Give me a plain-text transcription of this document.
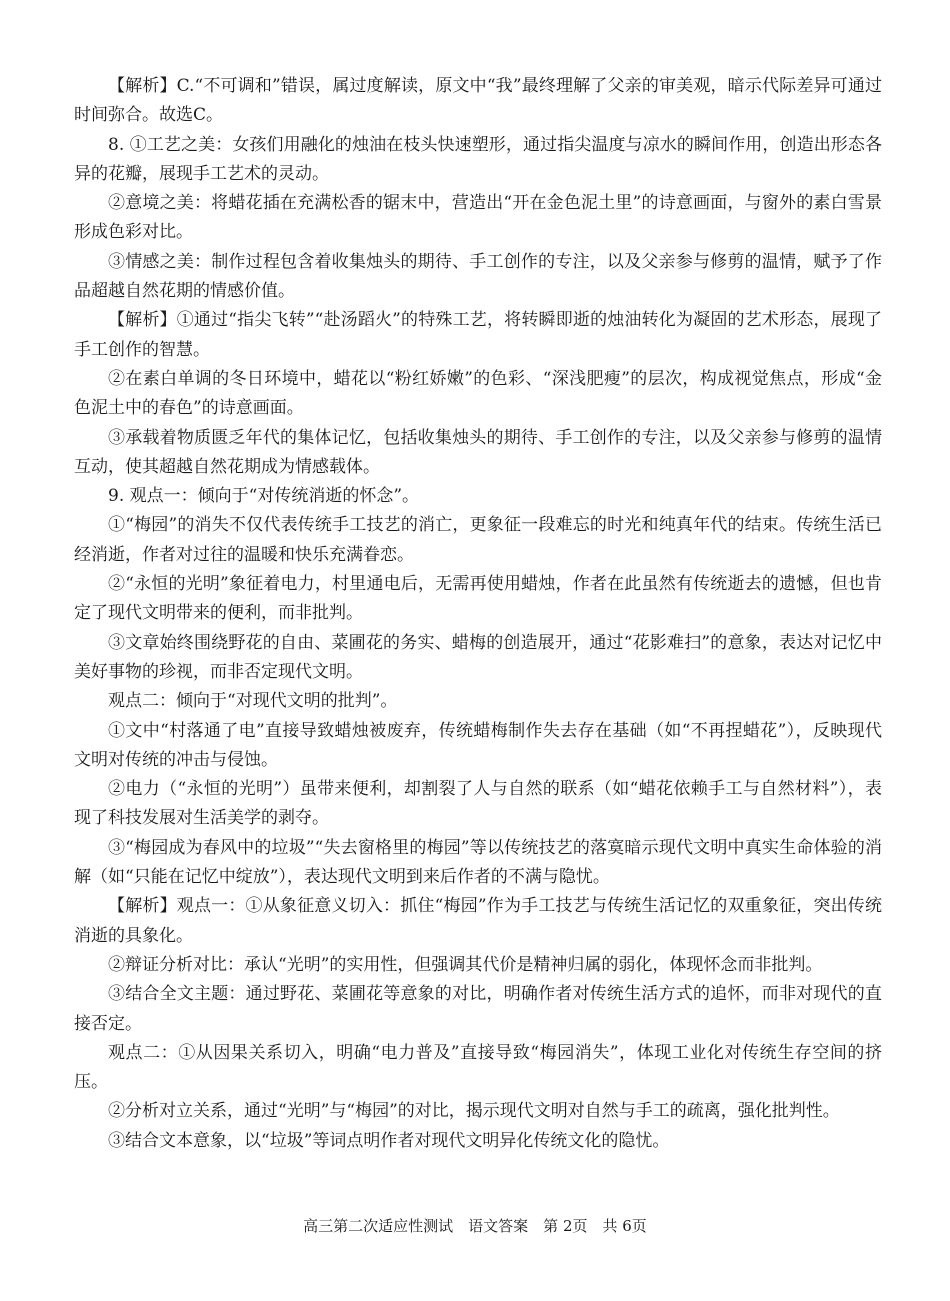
【解析】C.“不可调和”错误，属过度解读，原文中“我”最终理解了父亲的审美观，暗示代际差异可通过时间弥合。故选C。

8. ①工艺之美：女孩们用融化的烛油在枝头快速塑形，通过指尖温度与凉水的瞬间作用，创造出形态各异的花瓣，展现手工艺术的灵动。

②意境之美：将蜡花插在充满松香的锯末中，营造出“开在金色泥土里”的诗意画面，与窗外的素白雪景形成色彩对比。

③情感之美：制作过程包含着收集烛头的期待、手工创作的专注，以及父亲参与修剪的温情，赋予了作品超越自然花期的情感价值。

【解析】①通过“指尖飞转”“赴汤蹈火”的特殊工艺，将转瞬即逝的烛油转化为凝固的艺术形态，展现了手工创作的智慧。

②在素白单调的冬日环境中，蜡花以“粉红娇嫩”的色彩、“深浅肥瘦”的层次，构成视觉焦点，形成“金色泥土中的春色”的诗意画面。

③承载着物质匮乏年代的集体记忆，包括收集烛头的期待、手工创作的专注，以及父亲参与修剪的温情互动，使其超越自然花期成为情感载体。

9. 观点一：倾向于“对传统消逝的怀念”。

①“梅园”的消失不仅代表传统手工技艺的消亡，更象征一段难忘的时光和纯真年代的结束。传统生活已经消逝，作者对过往的温暖和快乐充满眷恋。

②“永恒的光明”象征着电力，村里通电后，无需再使用蜡烛，作者在此虽然有传统逝去的遗憾，但也肯定了现代文明带来的便利，而非批判。

③文章始终围绕野花的自由、菜圃花的务实、蜡梅的创造展开，通过“花影难扫”的意象，表达对记忆中美好事物的珍视，而非否定现代文明。

观点二：倾向于“对现代文明的批判”。

①文中“村落通了电”直接导致蜡烛被废弃，传统蜡梅制作失去存在基础（如“不再捏蜡花”），反映现代文明对传统的冲击与侵蚀。

②电力（“永恒的光明”）虽带来便利，却割裂了人与自然的联系（如“蜡花依赖手工与自然材料”），表现了科技发展对生活美学的剥夺。

③“梅园成为春风中的垃圾”“失去窗格里的梅园”等以传统技艺的落寞暗示现代文明中真实生命体验的消解（如“只能在记忆中绽放”），表达现代文明到来后作者的不满与隐忧。

【解析】观点一：①从象征意义切入：抓住“梅园”作为手工技艺与传统生活记忆的双重象征，突出传统消逝的具象化。

②辩证分析对比：承认“光明”的实用性，但强调其代价是精神归属的弱化，体现怀念而非批判。

③结合全文主题：通过野花、菜圃花等意象的对比，明确作者对传统生活方式的追怀，而非对现代的直接否定。

观点二：①从因果关系切入，明确“电力普及”直接导致“梅园消失”，体现工业化对传统生存空间的挤压。

②分析对立关系，通过“光明”与“梅园”的对比，揭示现代文明对自然与手工的疏离，强化批判性。

③结合文本意象，以“垃圾”等词点明作者对现代文明异化传统文化的隐忧。

高三第二次适应性测试　语文答案　第 2页　共 6页
